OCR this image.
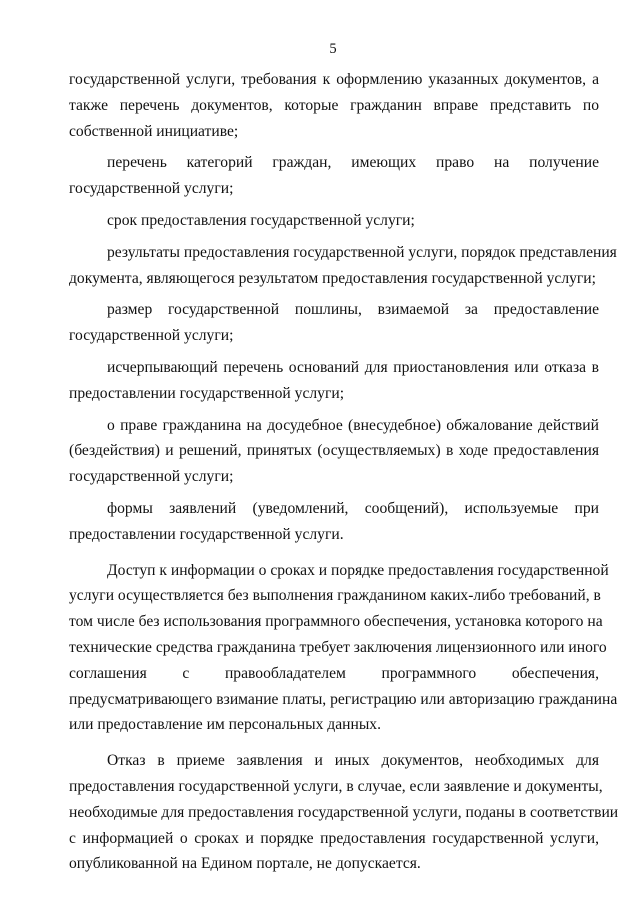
5
государственной услуги, требования к оформлению указанных документов, а
также перечень документов, которые гражданин вправе представить по
собственной инициативе;
перечень категорий граждан, имеющих право на получение
государственной услуги;
срок предоставления государственной услуги;
результаты предоставления государственной услуги, порядок представления
документа, являющегося результатом предоставления государственной услуги;
размер государственной пошлины, взимаемой за предоставление
государственной услуги;
исчерпывающий перечень оснований для приостановления или отказа в
предоставлении государственной услуги;
о праве гражданина на досудебное (внесудебное) обжалование действий
(бездействия) и решений, принятых (осуществляемых) в ходе предоставления
государственной услуги;
формы заявлений (уведомлений, сообщений), используемые при
предоставлении государственной услуги.
Доступ к информации о сроках и порядке предоставления государственной
услуги осуществляется без выполнения гражданином каких-либо требований, в
том числе без использования программного обеспечения, установка которого на
технические средства гражданина требует заключения лицензионного или иного
соглашения с правообладателем программного обеспечения,
предусматривающего взимание платы, регистрацию или авторизацию гражданина
или предоставление им персональных данных.
Отказ в приеме заявления и иных документов, необходимых для
предоставления государственной услуги, в случае, если заявление и документы,
необходимые для предоставления государственной услуги, поданы в соответствии
с информацией о сроках и порядке предоставления государственной услуги,
опубликованной на Едином портале, не допускается.
